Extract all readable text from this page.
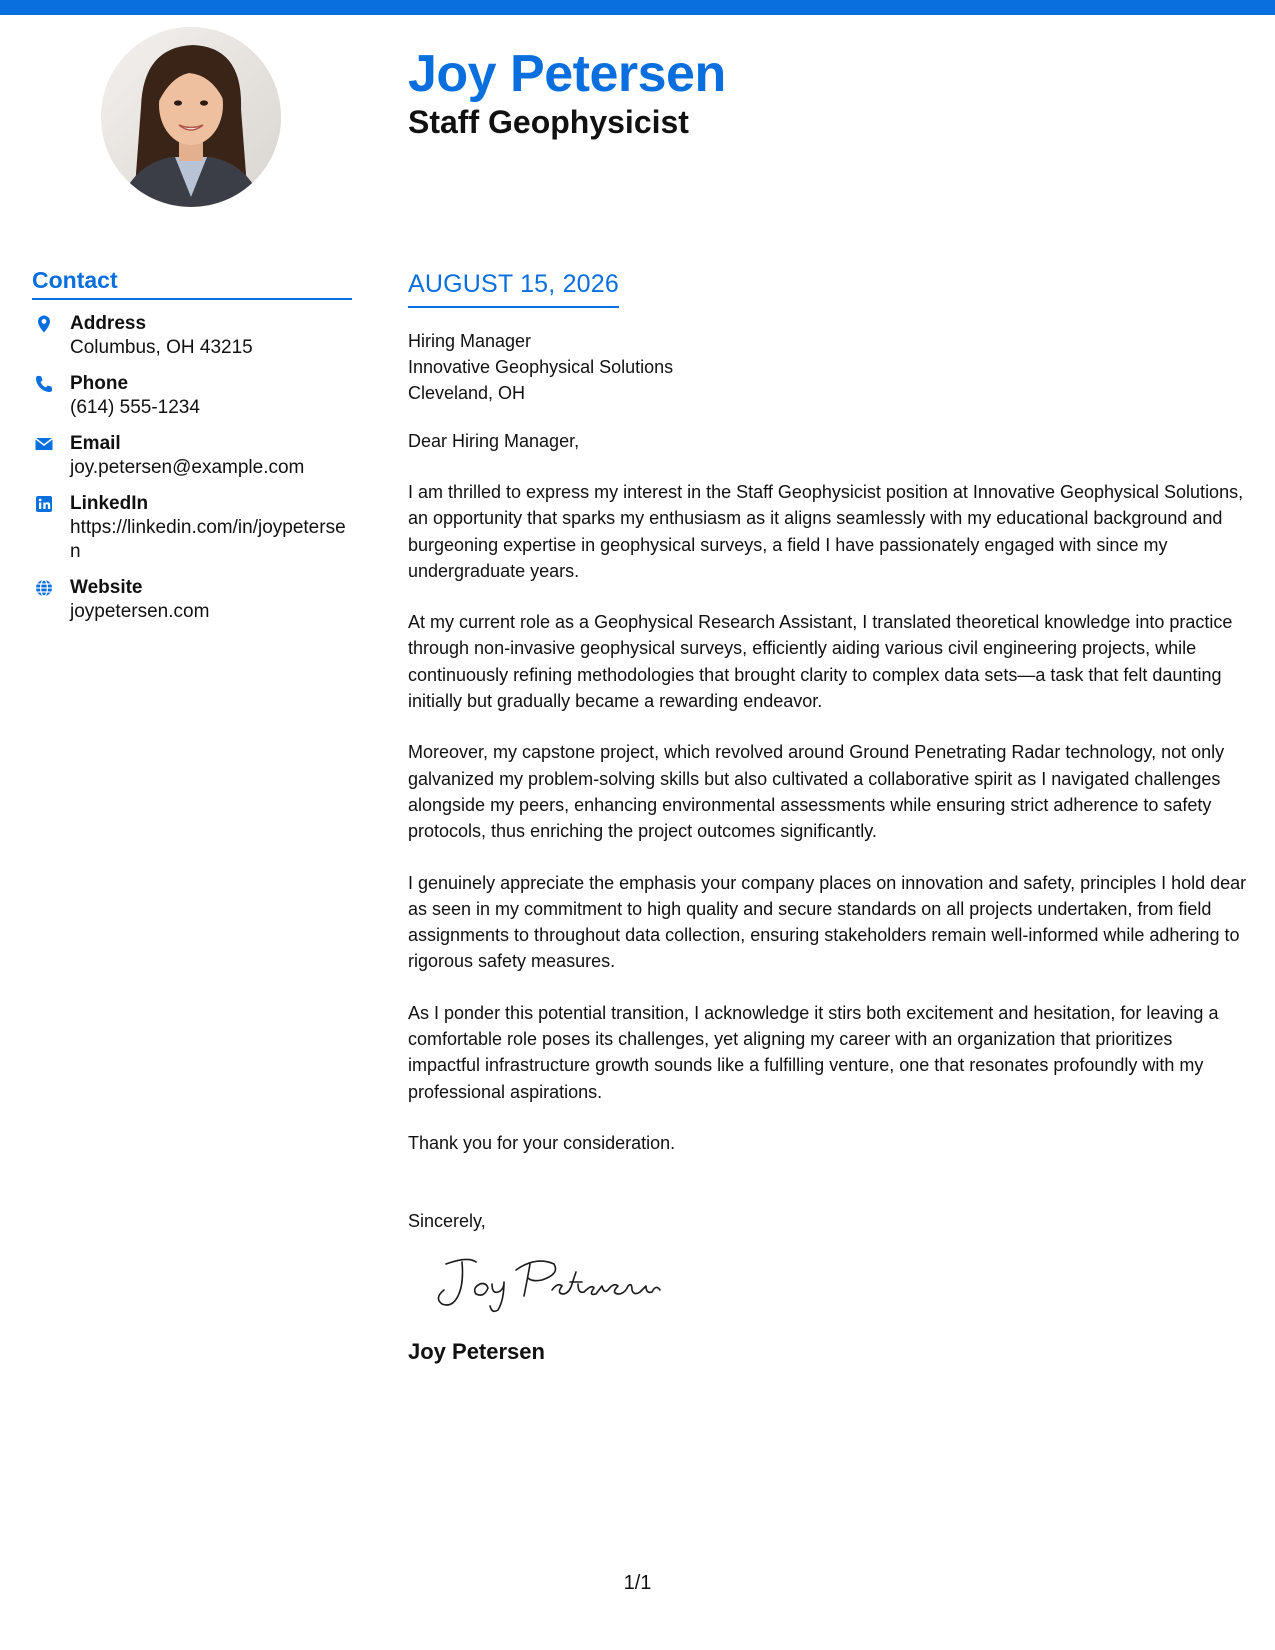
Joy Petersen
Staff Geophysicist
Contact
Address
Columbus, OH 43215
Phone
(614) 555-1234
Email
joy.petersen@example.com
LinkedIn
https://linkedin.com/in/joypetersen
Website
joypetersen.com
AUGUST 15, 2026
Hiring Manager
Innovative Geophysical Solutions
Cleveland, OH

Dear Hiring Manager,

I am thrilled to express my interest in the Staff Geophysicist position at Innovative Geophysical Solutions, an opportunity that sparks my enthusiasm as it aligns seamlessly with my educational background and burgeoning expertise in geophysical surveys, a field I have passionately engaged with since my undergraduate years.

At my current role as a Geophysical Research Assistant, I translated theoretical knowledge into practice through non-invasive geophysical surveys, efficiently aiding various civil engineering projects, while continuously refining methodologies that brought clarity to complex data sets—a task that felt daunting initially but gradually became a rewarding endeavor.

Moreover, my capstone project, which revolved around Ground Penetrating Radar technology, not only galvanized my problem-solving skills but also cultivated a collaborative spirit as I navigated challenges alongside my peers, enhancing environmental assessments while ensuring strict adherence to safety protocols, thus enriching the project outcomes significantly.

I genuinely appreciate the emphasis your company places on innovation and safety, principles I hold dear as seen in my commitment to high quality and secure standards on all projects undertaken, from field assignments to throughout data collection, ensuring stakeholders remain well-informed while adhering to rigorous safety measures.

As I ponder this potential transition, I acknowledge it stirs both excitement and hesitation, for leaving a comfortable role poses its challenges, yet aligning my career with an organization that prioritizes impactful infrastructure growth sounds like a fulfilling venture, one that resonates profoundly with my professional aspirations.

Thank you for your consideration.

Sincerely,

Joy Petersen
1/1
